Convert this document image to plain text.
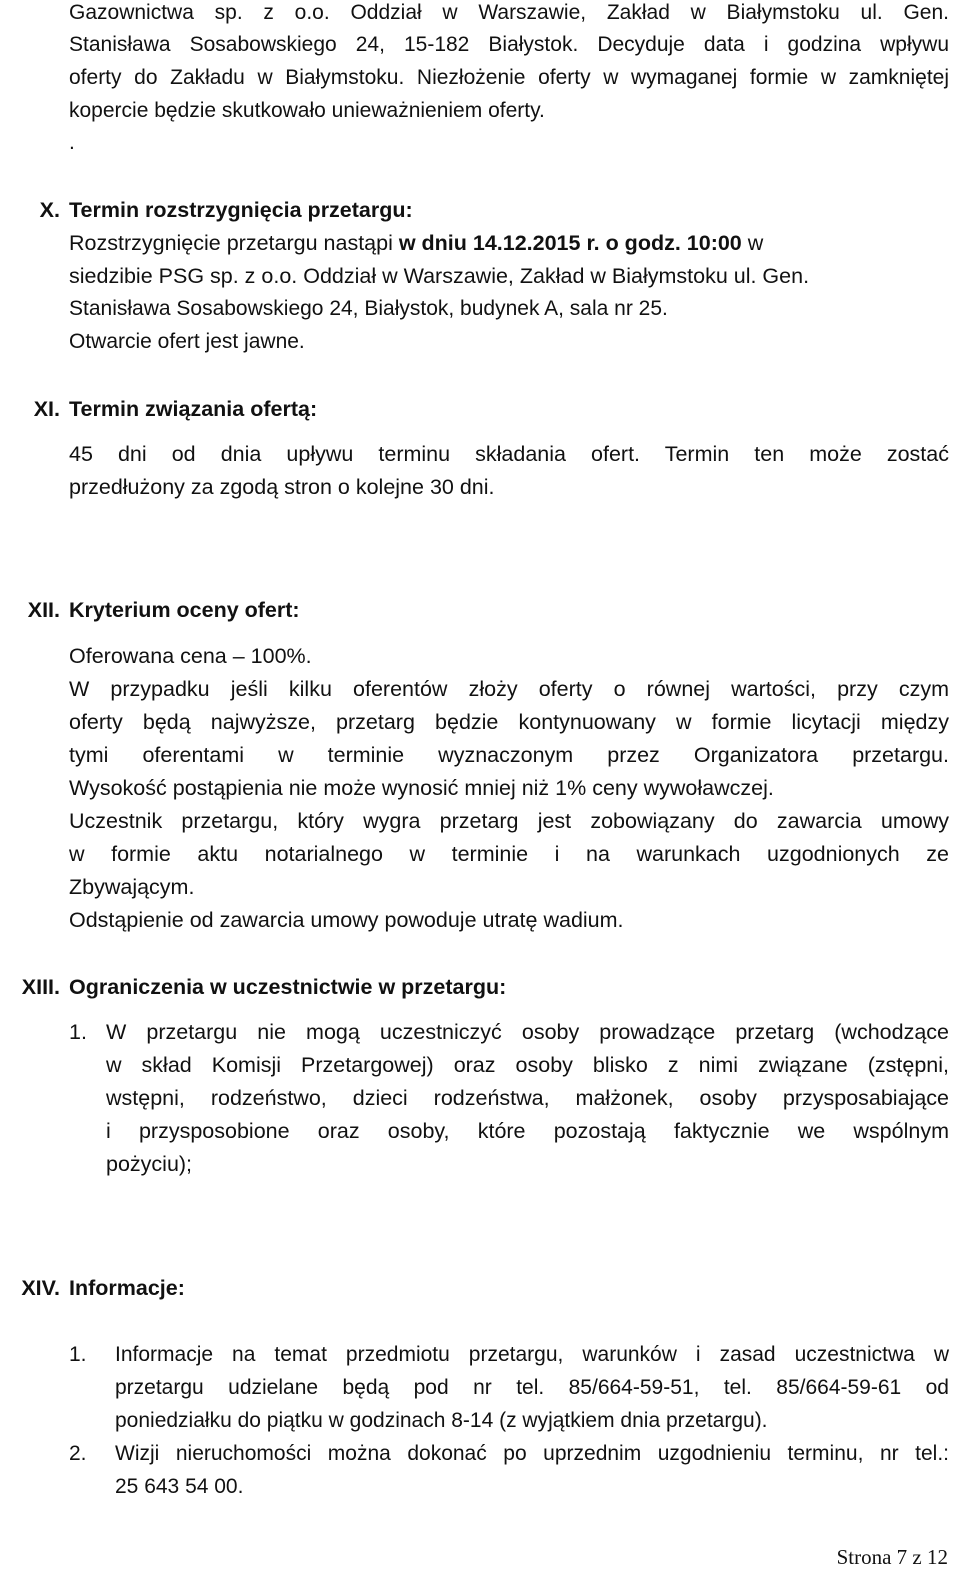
Gazownictwa sp. z o.o. Oddział w Warszawie, Zakład w Białymstoku ul. Gen.

Stanisława Sosabowskiego 24, 15-182 Białystok. Decyduje data i godzina wpływu

oferty do Zakładu w Białymstoku. Niezłożenie oferty w wymaganej formie w zamkniętej

kopercie będzie skutkowało unieważnieniem oferty.

.

X. Termin rozstrzygnięcia przetargu:

Rozstrzygnięcie przetargu nastąpi w dniu 14.12.2015 r. o godz. 10:00 w

siedzibie PSG sp. z o.o. Oddział w Warszawie, Zakład w Białymstoku ul. Gen.

Stanisława Sosabowskiego 24, Białystok, budynek A, sala nr 25.

Otwarcie ofert jest jawne.

XI. Termin związania ofertą:

45 dni od dnia upływu terminu składania ofert. Termin ten może zostać

przedłużony za zgodą stron o kolejne 30 dni.

XII. Kryterium oceny ofert:

Oferowana cena – 100%.

W przypadku jeśli kilku oferentów złoży oferty o równej wartości, przy czym

oferty będą najwyższe, przetarg będzie kontynuowany w formie licytacji między

tymi oferentami w terminie wyznaczonym przez Organizatora przetargu.

Wysokość postąpienia nie może wynosić mniej niż 1% ceny wywoławczej.

Uczestnik przetargu, który wygra przetarg jest zobowiązany do zawarcia umowy

w formie aktu notarialnego w terminie i na warunkach uzgodnionych ze

Zbywającym.

Odstąpienie od zawarcia umowy powoduje utratę wadium.

XIII. Ograniczenia w uczestnictwie w przetargu:

1. W przetargu nie mogą uczestniczyć osoby prowadzące przetarg (wchodzące

w skład Komisji Przetargowej) oraz osoby blisko z nimi związane (zstępni,

wstępni, rodzeństwo, dzieci rodzeństwa, małżonek, osoby przysposabiające

i przysposobione oraz osoby, które pozostają faktycznie we wspólnym

pożyciu);

XIV. Informacje:

1. Informacje na temat przedmiotu przetargu, warunków i zasad uczestnictwa w

przetargu udzielane będą pod nr tel. 85/664-59-51, tel. 85/664-59-61 od

poniedziałku do piątku w godzinach 8-14 (z wyjątkiem dnia przetargu).

2. Wizji nieruchomości można dokonać po uprzednim uzgodnieniu terminu, nr tel.:

25 643 54 00.

Strona 7 z 12
